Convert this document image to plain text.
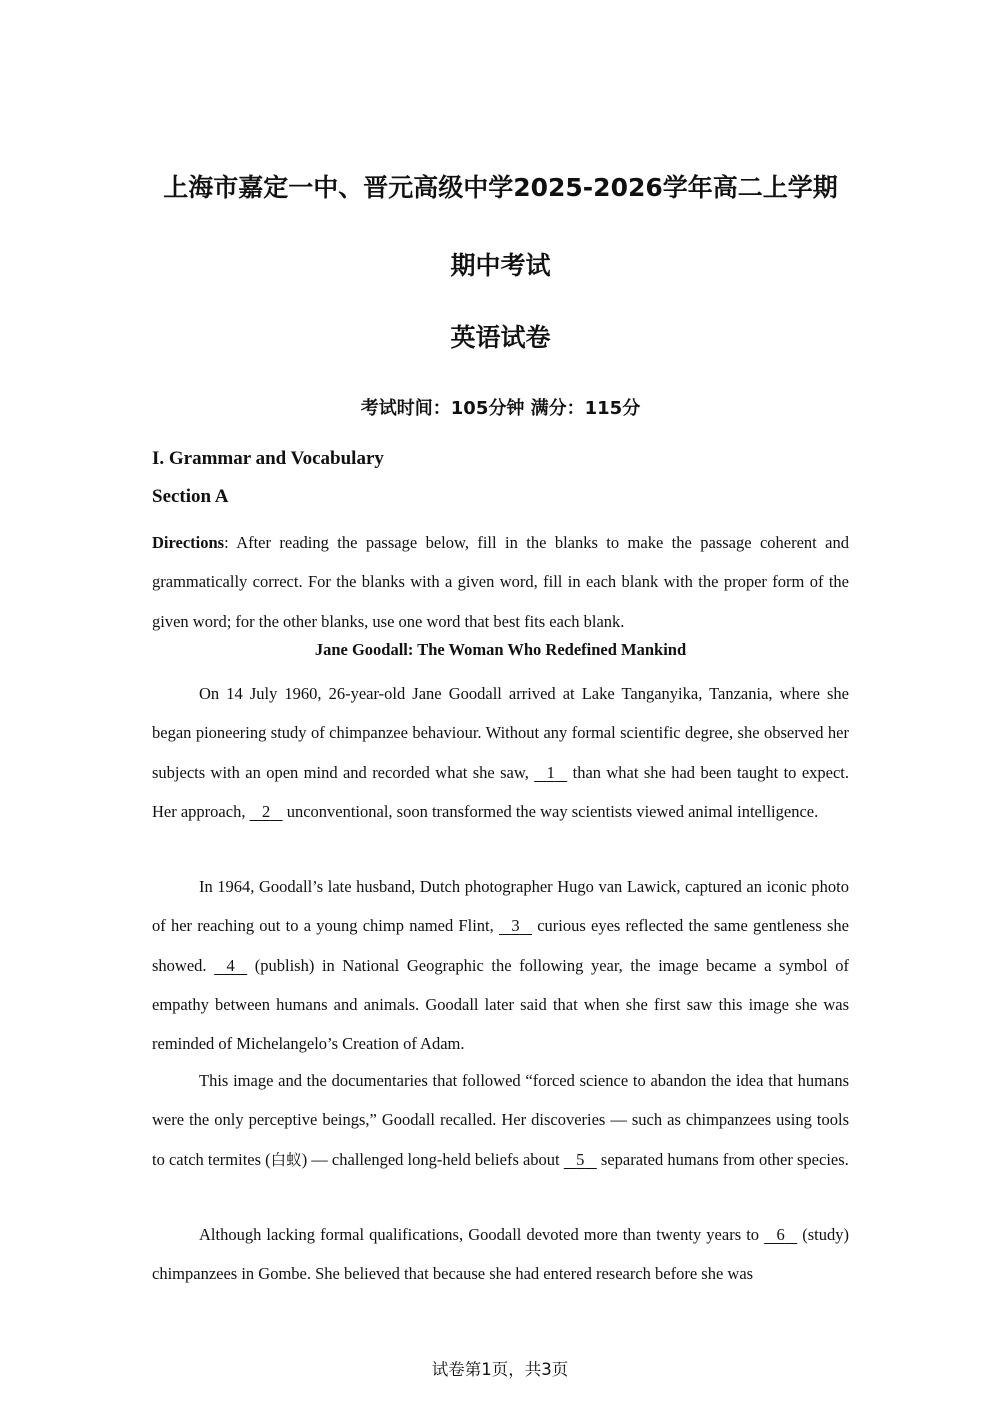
上海市嘉定一中、晋元高级中学2025-2026学年高二上学期
期中考试
英语试卷
考试时间：105分钟 满分：115分
I. Grammar and Vocabulary
Section A
Directions: After reading the passage below, fill in the blanks to make the passage coherent and grammatically correct. For the blanks with a given word, fill in each blank with the proper form of the given word; for the other blanks, use one word that best fits each blank.
Jane Goodall: The Woman Who Redefined Mankind
On 14 July 1960, 26-year-old Jane Goodall arrived at Lake Tanganyika, Tanzania, where she began pioneering study of chimpanzee behaviour. Without any formal scientific degree, she observed her subjects with an open mind and recorded what she saw,    1    than what she had been taught to expect. Her approach,    2    unconventional, soon transformed the way scientists viewed animal intelligence.
In 1964, Goodall’s late husband, Dutch photographer Hugo van Lawick, captured an iconic photo of her reaching out to a young chimp named Flint,    3    curious eyes reflected the same gentleness she showed.    4    (publish) in National Geographic the following year, the image became a symbol of empathy between humans and animals. Goodall later said that when she first saw this image she was reminded of Michelangelo’s Creation of Adam.
This image and the documentaries that followed “forced science to abandon the idea that humans were the only perceptive beings,” Goodall recalled. Her discoveries — such as chimpanzees using tools to catch termites (白蚁) — challenged long-held beliefs about    5    separated humans from other species.
Although lacking formal qualifications, Goodall devoted more than twenty years to    6    (study) chimpanzees in Gombe. She believed that because she had entered research before she was
试卷第1页，共3页
